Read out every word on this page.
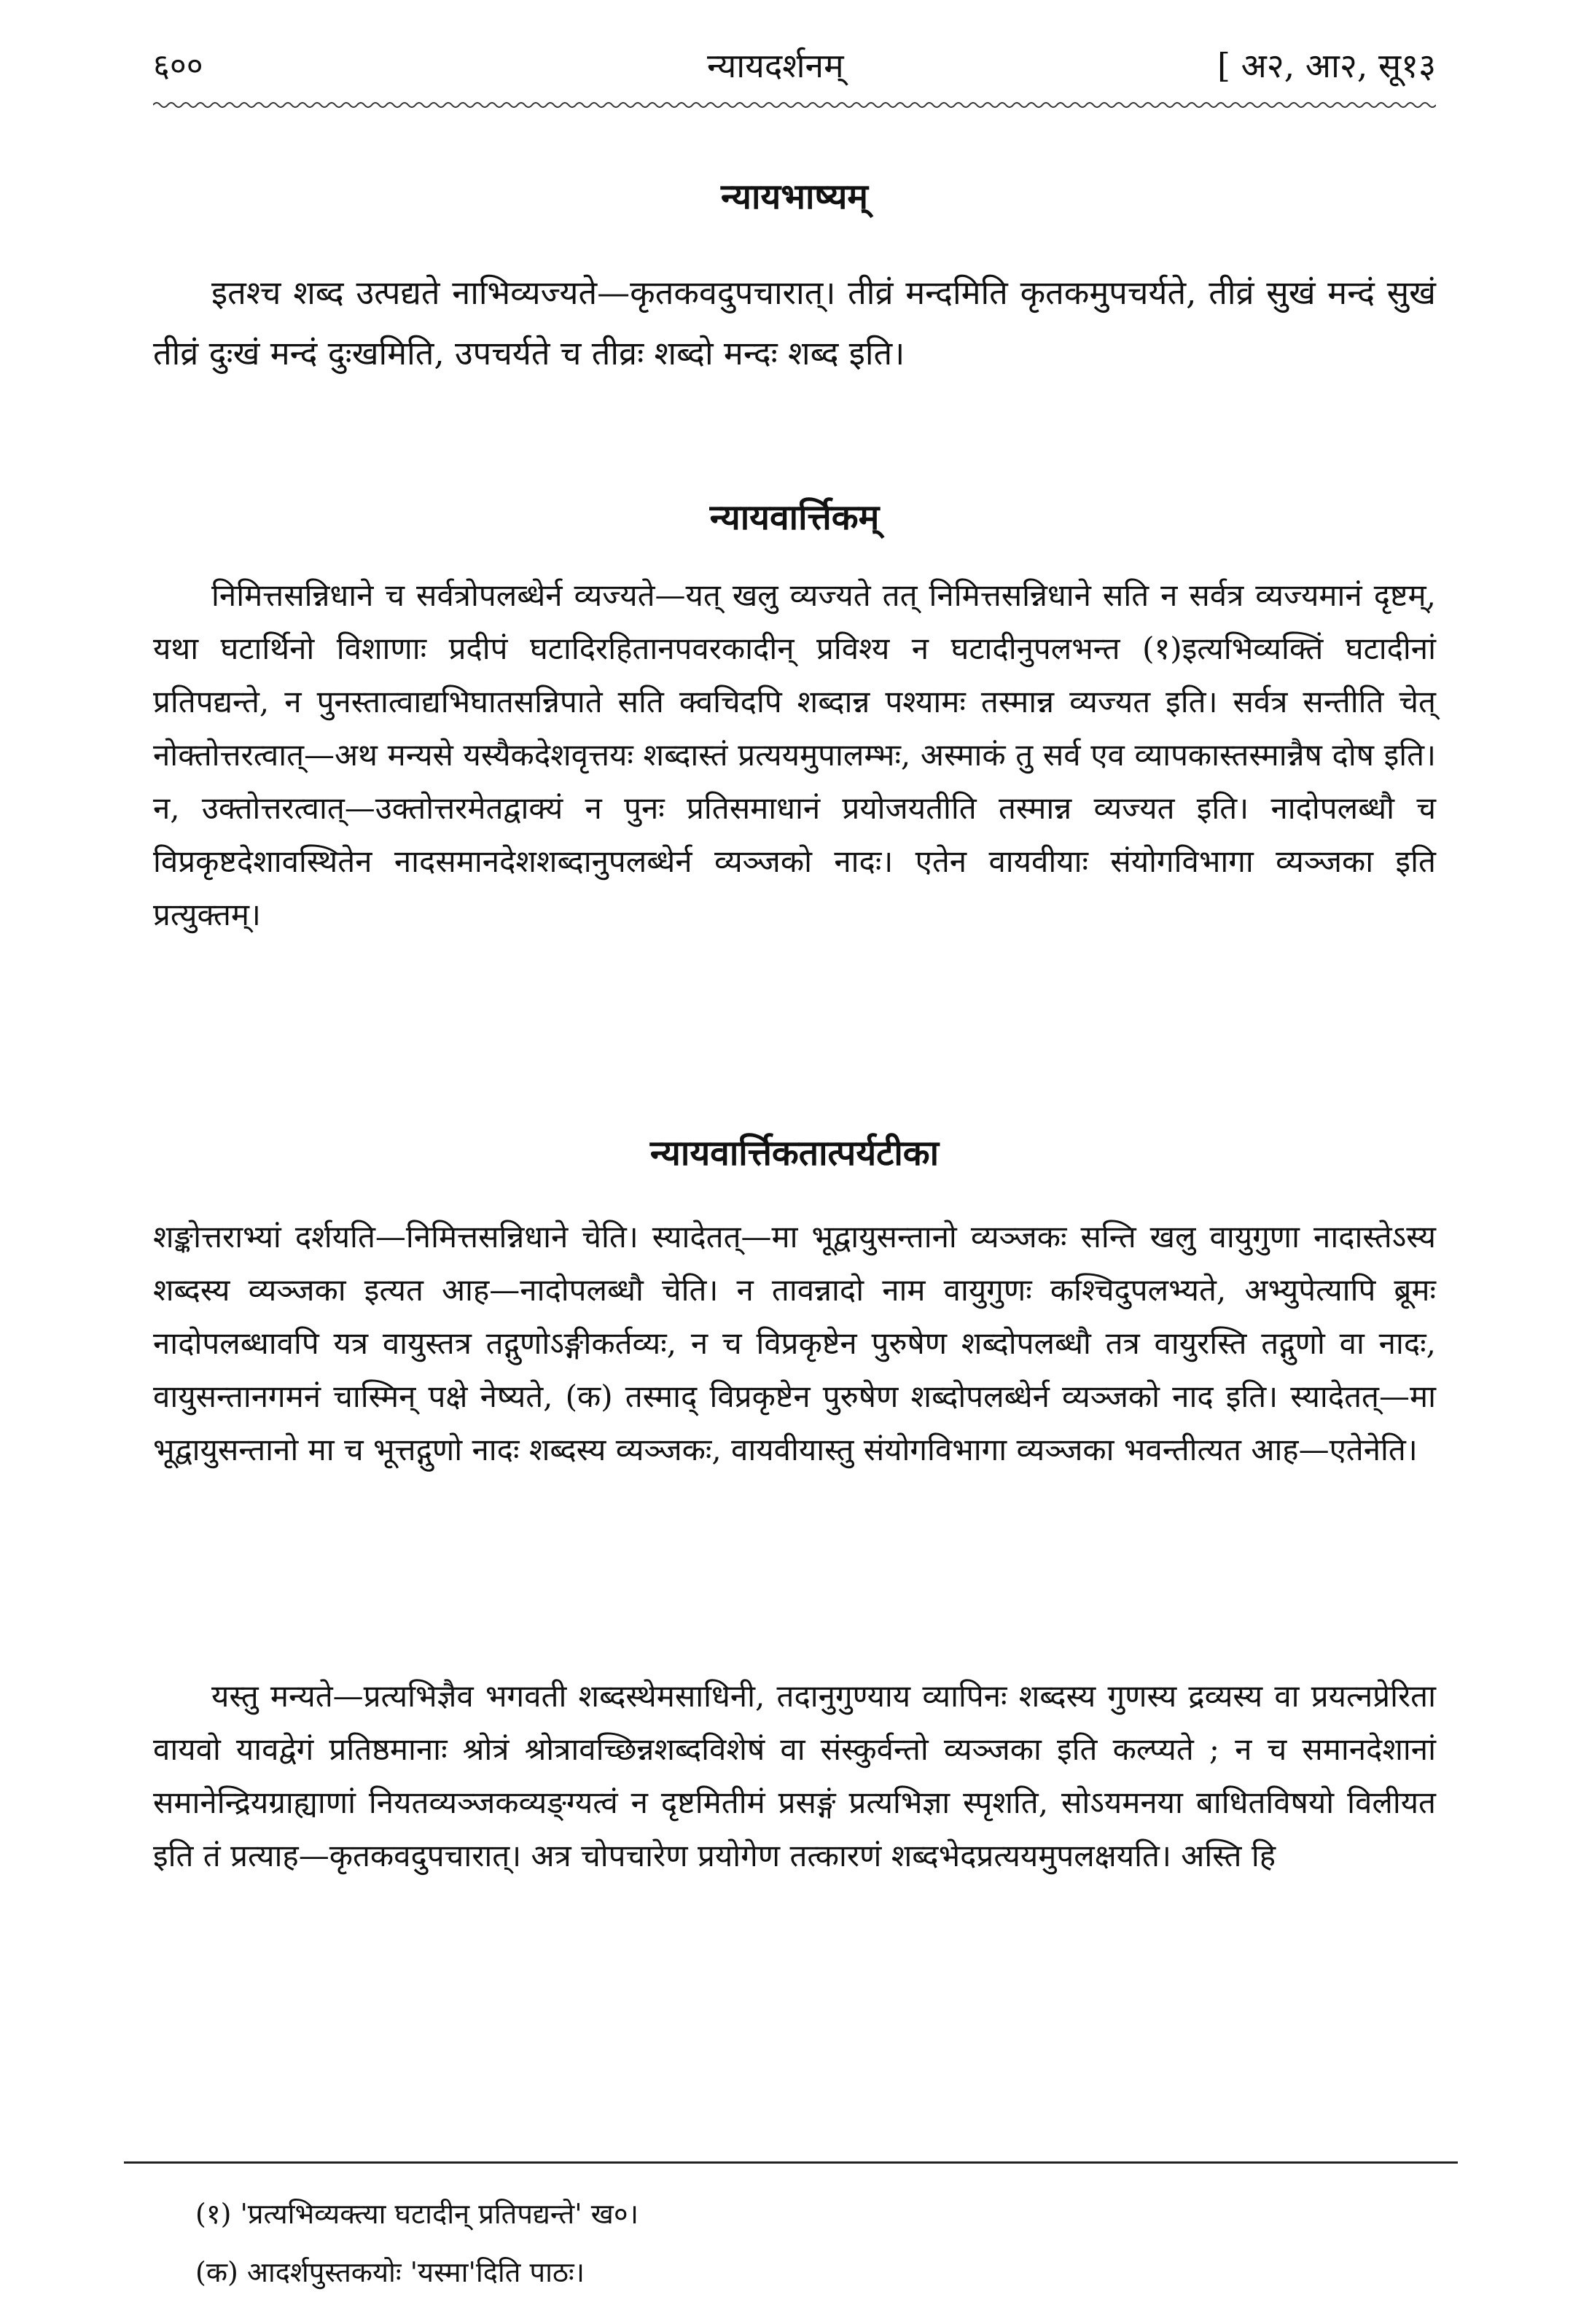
६००	न्यायदर्शनम्	[ अ२, आ२, सू१३
न्यायभाष्यम्

इतश्च शब्द उत्पद्यते नाभिव्यज्यते—कृतकवदुपचारात्। तीव्रं मन्दमिति कृतकमुपचर्यते, तीव्रं सुखं मन्दं सुखं तीव्रं दुःखं मन्दं दुःखमिति, उपचर्यते च तीव्रः शब्दो मन्दः शब्द इति।

न्यायवार्त्तिकम्

निमित्तसन्निधाने च सर्वत्रोपलब्धेर्न व्यज्यते—यत् खलु व्यज्यते तत् निमित्तसन्निधाने सति न सर्वत्र व्यज्यमानं दृष्टम्, यथा घटार्थिनो विशाणाः प्रदीपं घटादिरहितानपवरकादीन् प्रविश्य न घटादीनुपलभन्त (१)इत्यभिव्यक्तिं घटादीनां प्रतिपद्यन्ते, न पुनस्तात्वाद्यभिघातसन्निपाते सति क्वचिदपि शब्दान्न पश्यामः तस्मान्न व्यज्यत इति। सर्वत्र सन्तीति चेत् नोक्तोत्तरत्वात्—अथ मन्यसे यस्यैकदेशवृत्तयः शब्दास्तं प्रत्ययमुपालम्भः, अस्माकं तु सर्व एव व्यापकास्तस्मान्नैष दोष इति। न, उक्तोत्तरत्वात्—उक्तोत्तरमेतद्वाक्यं न पुनः प्रतिसमाधानं प्रयोजयतीति तस्मान्न व्यज्यत इति। नादोपलब्धौ च विप्रकृष्टदेशावस्थितेन नादसमानदेशशब्दानुपलब्धेर्न व्यञ्जको नादः। एतेन वायवीयाः संयोगविभागा व्यञ्जका इति प्रत्युक्तम्।

न्यायवार्त्तिकतात्पर्यटीका

शङ्कोत्तराभ्यां दर्शयति—निमित्तसन्निधाने चेति। स्यादेतत्—मा भूद्वायुसन्तानो व्यञ्जकः सन्ति खलु वायुगुणा नादास्तेऽस्य शब्दस्य व्यञ्जका इत्यत आह—नादोपलब्धौ चेति। न तावन्नादो नाम वायुगुणः कश्चिदुपलभ्यते, अभ्युपेत्यापि ब्रूमः नादोपलब्धावपि यत्र वायुस्तत्र तद्गुणोऽङ्गीकर्तव्यः, न च विप्रकृष्टेन पुरुषेण शब्दोपलब्धौ तत्र वायुरस्ति तद्गुणो वा नादः, वायुसन्तानगमनं चास्मिन् पक्षे नेष्यते, (क) तस्माद् विप्रकृष्टेन पुरुषेण शब्दोपलब्धेर्न व्यञ्जको नाद इति। स्यादेतत्—मा भूद्वायुसन्तानो मा च भूत्तद्गुणो नादः शब्दस्य व्यञ्जकः, वायवीयास्तु संयोगविभागा व्यञ्जका भवन्तीत्यत आह—एतेनेति।

यस्तु मन्यते—प्रत्यभिज्ञैव भगवती शब्दस्थेमसाधिनी, तदानुगुण्याय व्यापिनः शब्दस्य गुणस्य द्रव्यस्य वा प्रयत्नप्रेरिता वायवो यावद्वेगं प्रतिष्ठमानाः श्रोत्रं श्रोत्रावच्छिन्नशब्दविशेषं वा संस्कुर्वन्तो व्यञ्जका इति कल्प्यते ; न च समानदेशानां समानेन्द्रियग्राह्याणां नियतव्यञ्जकव्यङ्ग्यत्वं न दृष्टमितीमं प्रसङ्गं प्रत्यभिज्ञा स्पृशति, सोऽयमनया बाधितविषयो विलीयत इति तं प्रत्याह—कृतकवदुपचारात्। अत्र चोपचारेण प्रयोगेण तत्कारणं शब्दभेदप्रत्ययमुपलक्षयति। अस्ति हि

(१) 'प्रत्यभिव्यक्त्या घटादीन् प्रतिपद्यन्ते' ख०।
(क) आदर्शपुस्तकयोः 'यस्मा'दिति पाठः।
